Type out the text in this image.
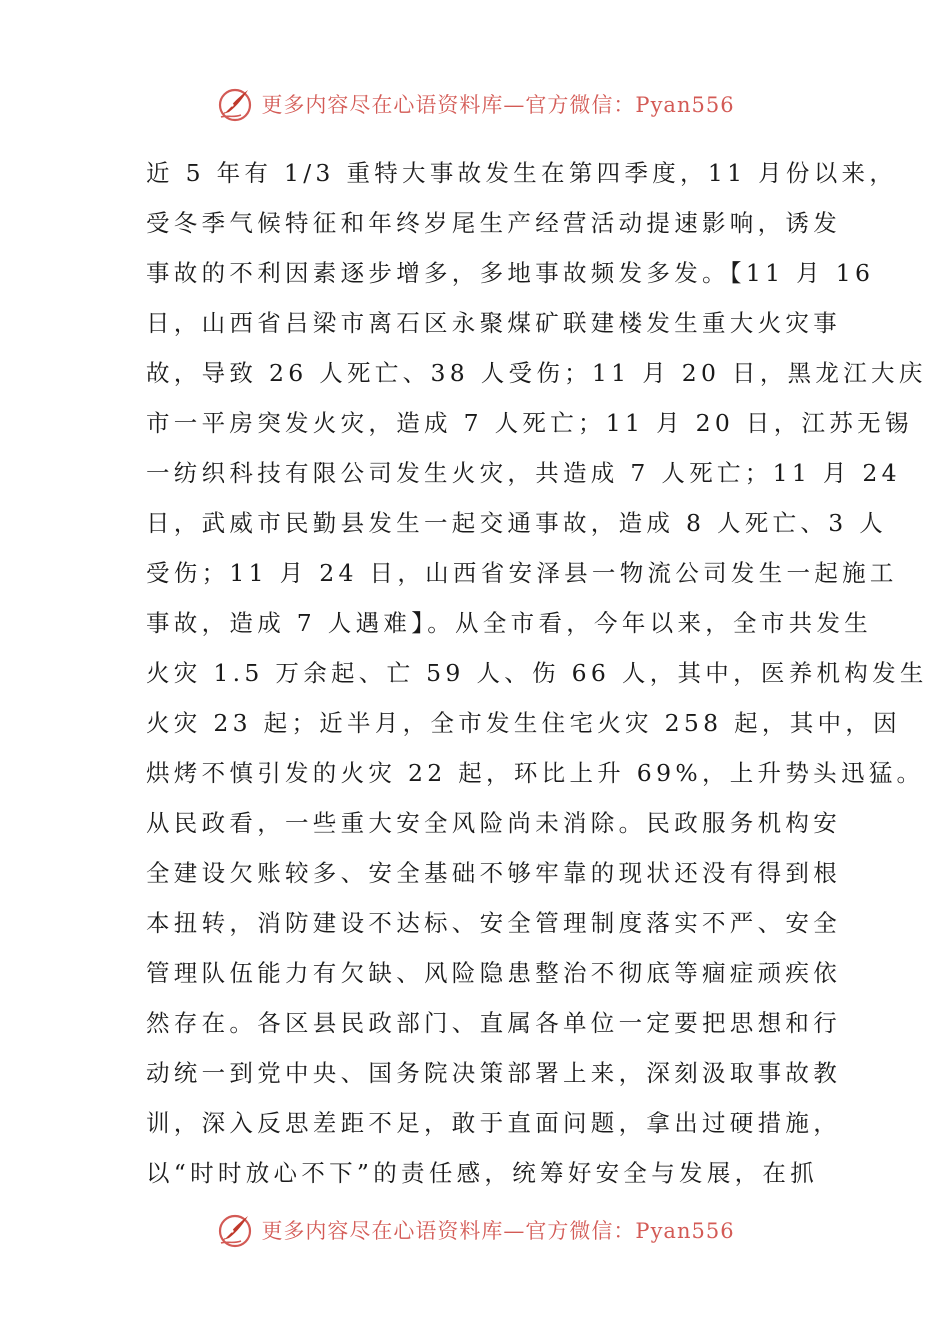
更多内容尽在心语资料库—官方微信：Pyan556
近 5 年有 1/3 重特大事故发生在第四季度，11 月份以来，
受冬季气候特征和年终岁尾生产经营活动提速影响，诱发
事故的不利因素逐步增多，多地事故频发多发。【11 月 16
日，山西省吕梁市离石区永聚煤矿联建楼发生重大火灾事
故，导致 26 人死亡、38 人受伤；11 月 20 日，黑龙江大庆
市一平房突发火灾，造成 7 人死亡；11 月 20 日，江苏无锡
一纺织科技有限公司发生火灾，共造成 7 人死亡；11 月 24
日，武威市民勤县发生一起交通事故，造成 8 人死亡、3 人
受伤；11 月 24 日，山西省安泽县一物流公司发生一起施工
事故，造成 7 人遇难】。从全市看，今年以来，全市共发生
火灾 1.5 万余起、亡 59 人、伤 66 人，其中，医养机构发生
火灾 23 起；近半月，全市发生住宅火灾 258 起，其中，因
烘烤不慎引发的火灾 22 起，环比上升 69%，上升势头迅猛。
从民政看，一些重大安全风险尚未消除。民政服务机构安
全建设欠账较多、安全基础不够牢靠的现状还没有得到根
本扭转，消防建设不达标、安全管理制度落实不严、安全
管理队伍能力有欠缺、风险隐患整治不彻底等痼症顽疾依
然存在。各区县民政部门、直属各单位一定要把思想和行
动统一到党中央、国务院决策部署上来，深刻汲取事故教
训，深入反思差距不足，敢于直面问题，拿出过硬措施，
以“时时放心不下”的责任感，统筹好安全与发展，在抓
更多内容尽在心语资料库—官方微信：Pyan556
